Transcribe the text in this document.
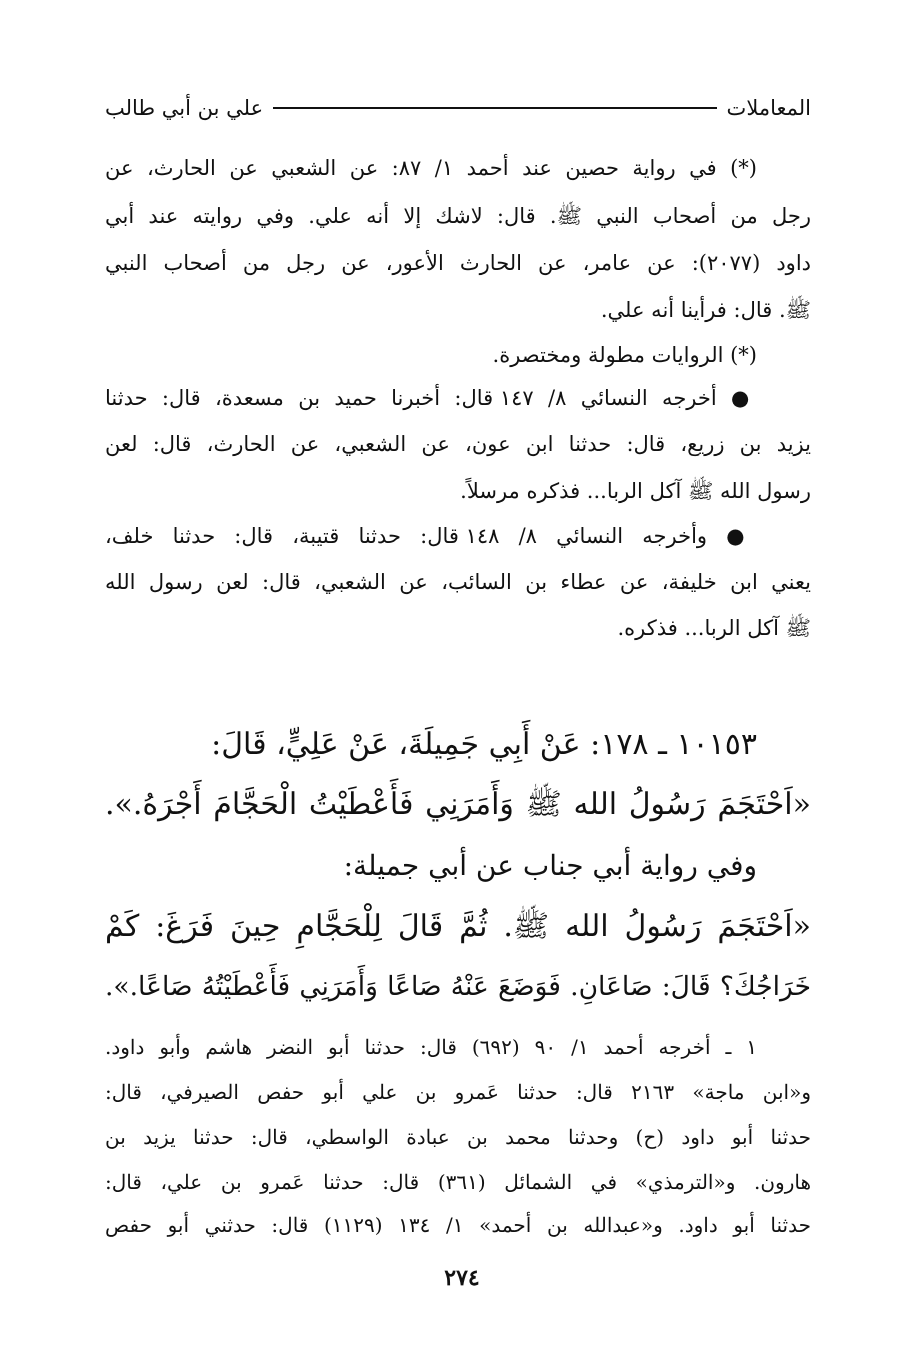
المعاملات
علي بن أبي طالب

(*) في رواية حصين عند أحمد ١/ ٨٧: عن الشعبي عن الحارث، عن

رجل من أصحاب النبي ﷺ. قال: لاشك إلا أنه علي. وفي روايته عند أبي

داود (٢٠٧٧): عن عامر، عن الحارث الأعور، عن رجل من أصحاب النبي

ﷺ. قال: فرأينا أنه علي.

(*) الروايات مطولة ومختصرة.

● أخرجه النسائي ٨/ ١٤٧ قال: أخبرنا حميد بن مسعدة، قال: حدثنا

يزيد بن زريع، قال: حدثنا ابن عون، عن الشعبي، عن الحارث، قال: لعن

رسول الله ﷺ آكل الربا... فذكره مرسلاً.

● وأخرجه النسائي ٨/ ١٤٨ قال: حدثنا قتيبة، قال: حدثنا خلف،

يعني ابن خليفة، عن عطاء بن السائب، عن الشعبي، قال: لعن رسول الله

ﷺ آكل الربا... فذكره.

١٠١٥٣ ـ ١٧٨: عَنْ أَبِي جَمِيلَةَ، عَنْ عَلِيٍّ، قَالَ:

«اَحْتَجَمَ رَسُولُ الله ﷺ وَأَمَرَنِي فَأَعْطَيْتُ الْحَجَّامَ أَجْرَهُ.».

وفي رواية أبي جناب عن أبي جميلة:

«اَحْتَجَمَ رَسُولُ الله ﷺ. ثُمَّ قَالَ لِلْحَجَّامِ حِينَ فَرَغَ: كَمْ

خَرَاجُكَ؟ قَالَ: صَاعَانِ. فَوَضَعَ عَنْهُ صَاعًا وَأَمَرَنِي فَأَعْطَيْتُهُ صَاعًا.».

١ ـ أخرجه أحمد ١/ ٩٠ (٦٩٢) قال: حدثنا أبو النضر هاشم وأبو داود.

و«ابن ماجة» ٢١٦٣ قال: حدثنا عَمرو بن علي أبو حفص الصيرفي، قال:

حدثنا أبو داود (ح) وحدثنا محمد بن عبادة الواسطي، قال: حدثنا يزيد بن

هارون. و«الترمذي» في الشمائل (٣٦١) قال: حدثنا عَمرو بن علي، قال:

حدثنا أبو داود. و«عبدالله بن أحمد» ١/ ١٣٤ (١١٢٩) قال: حدثني أبو حفص

٢٧٤
